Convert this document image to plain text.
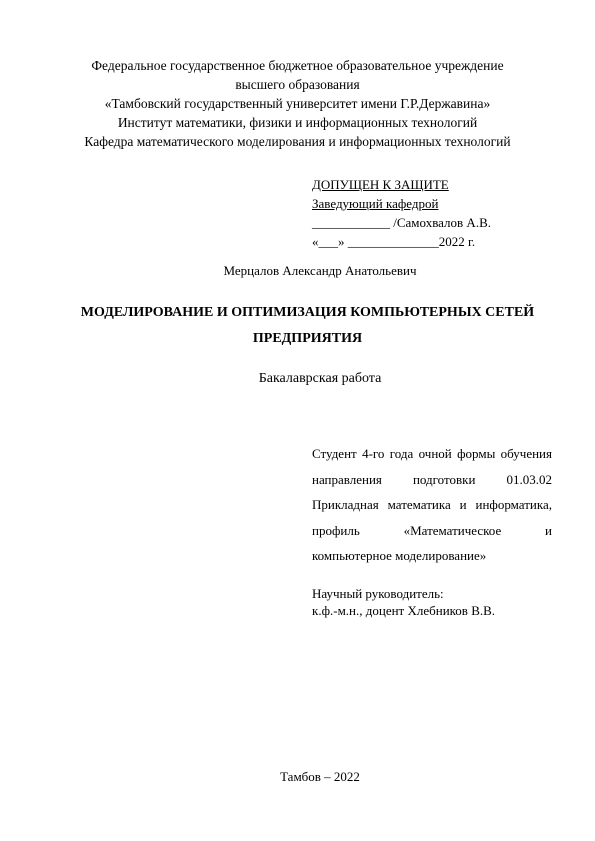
Федеральное государственное бюджетное образовательное учреждение
высшего образования
«Тамбовский государственный университет имени Г.Р.Державина»
Институт математики, физики и информационных технологий
Кафедра математического моделирования и информационных технологий
ДОПУЩЕН К ЗАЩИТЕ
Заведующий кафедрой
____________ /Самохвалов А.В.
«___» ______________2022 г.
Мерцалов Александр Анатольевич
МОДЕЛИРОВАНИЕ И ОПТИМИЗАЦИЯ КОМПЬЮТЕРНЫХ СЕТЕЙ
ПРЕДПРИЯТИЯ
Бакалаврская работа
Студент 4-го года очной формы обучения направления подготовки 01.03.02 Прикладная математика и информатика, профиль «Математическое и компьютерное моделирование»
Научный руководитель:
к.ф.-м.н., доцент Хлебников В.В.
Тамбов – 2022
